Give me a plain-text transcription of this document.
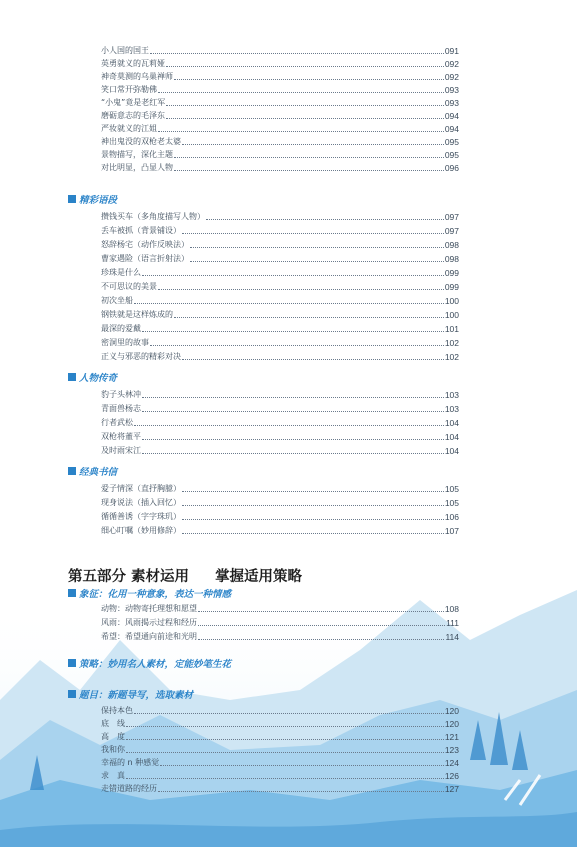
小人国的国王	091
英勇就义的瓦莉娅	092
神奇莫测的乌巢禅师	092
笑口常开弥勒佛	093
“小鬼”竟是老红军	093
磨砺意志的毛泽东	094
严妆就义的江姐	094
神出鬼没的双枪老太婆	095
景物描写，深化主题	095
对比明显，凸显人物	096
精彩语段
攒钱买车（多角度描写人物）	097
丢车被抓（背景铺设）	097
怒辞杨宅（动作反映法）	098
曹家遇险（语言折射法）	098
珍珠是什么	099
不可思议的美景	099
初次坐船	100
钢铁就是这样炼成的	100
最深的爱戴	101
密洞里的故事	102
正义与邪恶的精彩对决	102
人物传奇
豹子头林冲	103
青面兽杨志	103
行者武松	104
双枪将董平	104
及时雨宋江	104
经典书信
爱子情深（直抒胸臆）	105
现身说法（插入回忆）	105
循循善诱（字字珠玑）	106
细心叮嘱（妙用修辞）	107
第五部分 素材运用 掌握适用策略
象征：化用一种意象，表达一种情感
动物：动物寄托理想和愿望	108
风雨：风雨揭示过程和经历	111
希望：希望通向前途和光明	114
策略：妙用名人素材，定能妙笔生花
题目：新题导写，选取素材
保持本色	120
底　线	120
高　度	121
我和你	123
幸福的 n 种感觉	124
求　真	126
走错道路的经历	127
